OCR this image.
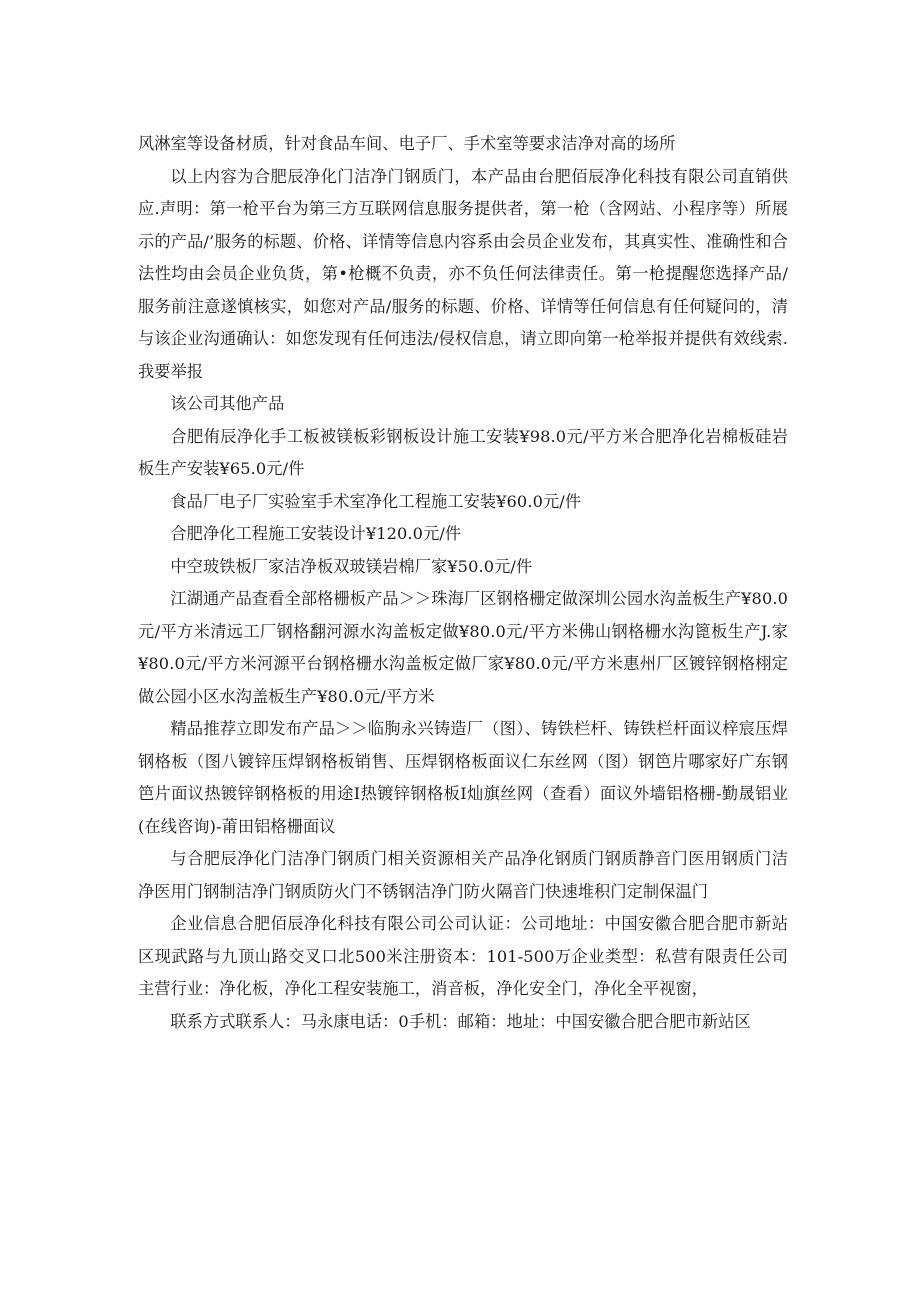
风淋室等设备材质，针对食品车间、电子厂、手术室等要求洁净对高的场所

以上内容为合肥辰净化门洁净门钢质门，本产品由台肥佰辰净化科技有限公司直销供应.声明：第一枪平台为第三方互联网信息服务提供者，第一枪（含网站、小程序等）所展示的产品/’服务的标题、价格、详情等信息内容系由会员企业发布，其真实性、准确性和合法性均由会员企业负货，第•枪概不负责，亦不负任何法律责任。第一枪提醒您选择产品/服务前注意遂慎核实，如您对产品/服务的标题、价格、详情等任何信息有任何疑问的，清与该企业沟通确认：如您发现有任何违法/侵权信息，请立即向第一枪举报并提供有效线索.我要举报

该公司其他产品

合肥侑辰净化手工板被镁板彩钢板设计施工安装¥98.0元/平方米合肥净化岩棉板硅岩板生产安装¥65.0元/件

食品厂电子厂实验室手术室净化工程施工安装¥60.0元/件

合肥净化工程施工安装设计¥120.0元/件

中空玻铁板厂家洁净板双玻镁岩棉厂家¥50.0元/件

江湖通产品查看全部格栅板产品＞＞珠海厂区钢格栅定做深圳公园水沟盖板生产¥80.0元/平方米清远工厂钢格翻河源水沟盖板定做¥80.0元/平方米佛山钢格栅水沟篦板生产J.家¥80.0元/平方米河源平台钢格栅水沟盖板定做厂家¥80.0元/平方米惠州厂区镀锌钢格栩定做公园小区水沟盖板生产¥80.0元/平方米

精品推荐立即发布产品＞＞临朐永兴铸造厂（图）、铸铁栏杆、铸铁栏杆面议梓宸压焊钢格板（图八镀锌压焊钢格板销售、压焊钢格板面议仁东丝网（图）钢笆片哪家好广东钢笆片面议热镀锌钢格板的用途I热镀锌钢格板I灿旗丝网（查看）面议外墙铝格栅-勤晟铝业(在线咨询)-莆田铝格栅面议

与合肥辰净化门洁净门钢质门相关资源相关产品净化钢质门钢质静音门医用钢质门洁净医用门钢制洁净门钢质防火门不锈钢洁净门防火隔音门快速堆积门定制保温门

企业信息合肥佰辰净化科技有限公司公司认证：公司地址：中国安徽合肥合肥市新站区现武路与九顶山路交叉口北500米注册资本：101-500万企业类型：私营有限责任公司主营行业：净化板，净化工程安装施工，消音板，净化安全门，净化全平视窗，

联系方式联系人：马永康电话：0手机：邮箱：地址：中国安徽合肥合肥市新站区
